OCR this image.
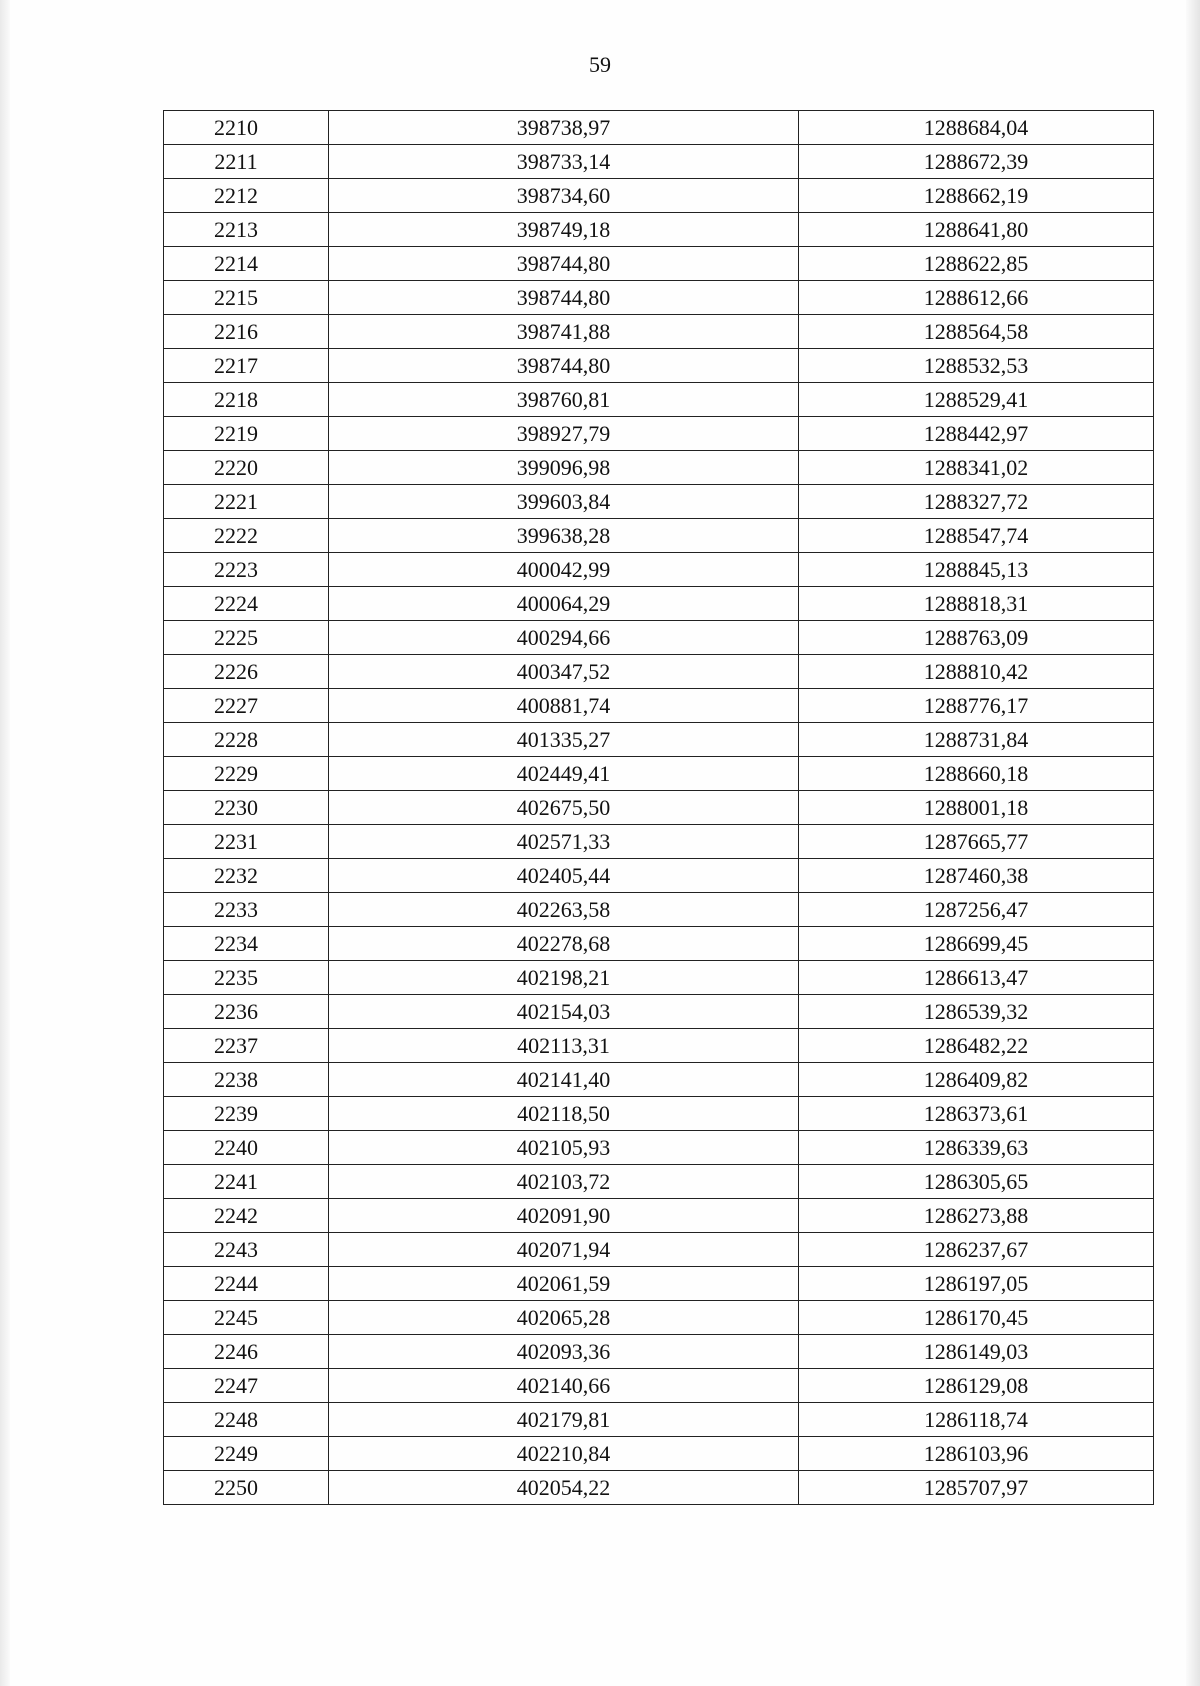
59
2210	398738,97	1288684,04
2211	398733,14	1288672,39
2212	398734,60	1288662,19
2213	398749,18	1288641,80
2214	398744,80	1288622,85
2215	398744,80	1288612,66
2216	398741,88	1288564,58
2217	398744,80	1288532,53
2218	398760,81	1288529,41
2219	398927,79	1288442,97
2220	399096,98	1288341,02
2221	399603,84	1288327,72
2222	399638,28	1288547,74
2223	400042,99	1288845,13
2224	400064,29	1288818,31
2225	400294,66	1288763,09
2226	400347,52	1288810,42
2227	400881,74	1288776,17
2228	401335,27	1288731,84
2229	402449,41	1288660,18
2230	402675,50	1288001,18
2231	402571,33	1287665,77
2232	402405,44	1287460,38
2233	402263,58	1287256,47
2234	402278,68	1286699,45
2235	402198,21	1286613,47
2236	402154,03	1286539,32
2237	402113,31	1286482,22
2238	402141,40	1286409,82
2239	402118,50	1286373,61
2240	402105,93	1286339,63
2241	402103,72	1286305,65
2242	402091,90	1286273,88
2243	402071,94	1286237,67
2244	402061,59	1286197,05
2245	402065,28	1286170,45
2246	402093,36	1286149,03
2247	402140,66	1286129,08
2248	402179,81	1286118,74
2249	402210,84	1286103,96
2250	402054,22	1285707,97
